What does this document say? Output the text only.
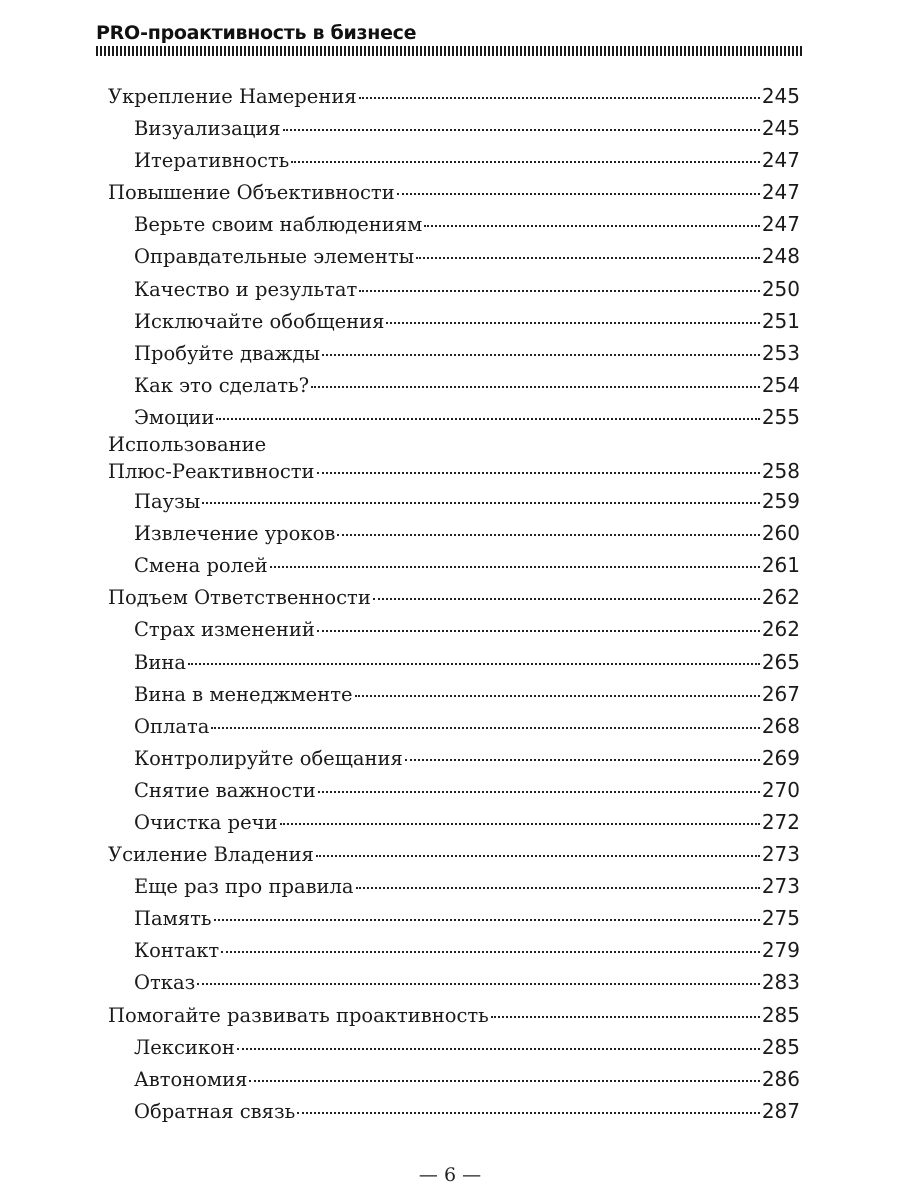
PRO-проактивность в бизнесе
Укрепление Намерения	245
Визуализация	245
Итеративность	247
Повышение Объективности	247
Верьте своим наблюдениям	247
Оправдательные элементы	248
Качество и результат	250
Исключайте обобщения	251
Пробуйте дважды	253
Как это сделать?	254
Эмоции	255
Использование
Плюс-Реактивности	258
Паузы	259
Извлечение уроков	260
Смена ролей	261
Подъем Ответственности	262
Страх изменений	262
Вина	265
Вина в менеджменте	267
Оплата	268
Контролируйте обещания	269
Снятие важности	270
Очистка речи	272
Усиление Владения	273
Еще раз про правила	273
Память	275
Контакт	279
Отказ	283
Помогайте развивать проактивность	285
Лексикон	285
Автономия	286
Обратная связь	287
— 6 —
